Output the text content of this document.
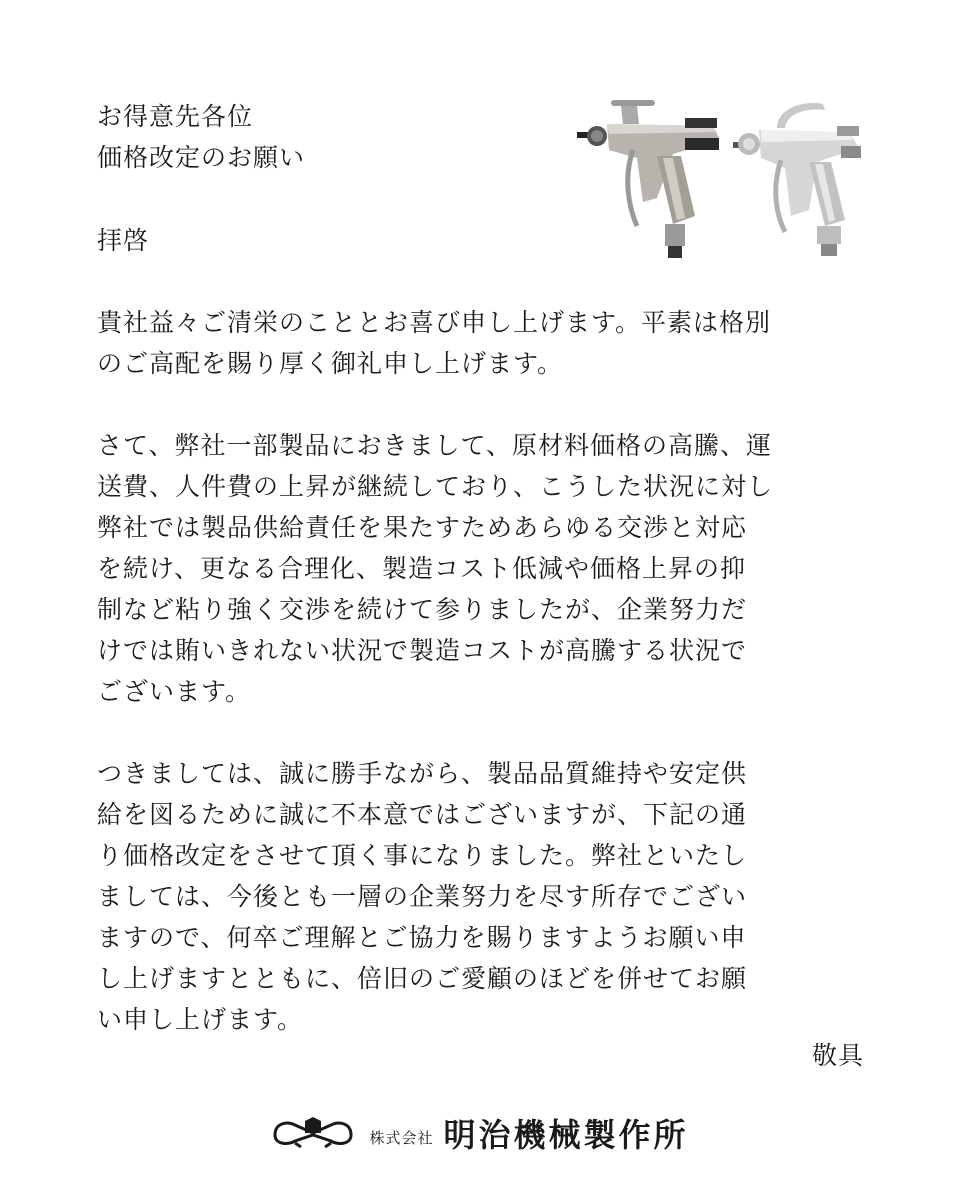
お得意先各位
価格改定のお願い
拝啓
貴社益々ご清栄のこととお喜び申し上げます。平素は格別
のご高配を賜り厚く御礼申し上げます。
さて、弊社一部製品におきまして、原材料価格の高騰、運
送費、人件費の上昇が継続しており、こうした状況に対し
弊社では製品供給責任を果たすためあらゆる交渉と対応
を続け、更なる合理化、製造コスト低減や価格上昇の抑
制など粘り強く交渉を続けて参りましたが、企業努力だ
けでは賄いきれない状況で製造コストが高騰する状況で
ございます。
つきましては、誠に勝手ながら、製品品質維持や安定供
給を図るために誠に不本意ではございますが、下記の通
り価格改定をさせて頂く事になりました。弊社といたし
ましては、今後とも一層の企業努力を尽す所存でござい
ますので、何卒ご理解とご協力を賜りますようお願い申
し上げますとともに、倍旧のご愛顧のほどを併せてお願
い申し上げます。
敬具
株式会社 明治機械製作所
